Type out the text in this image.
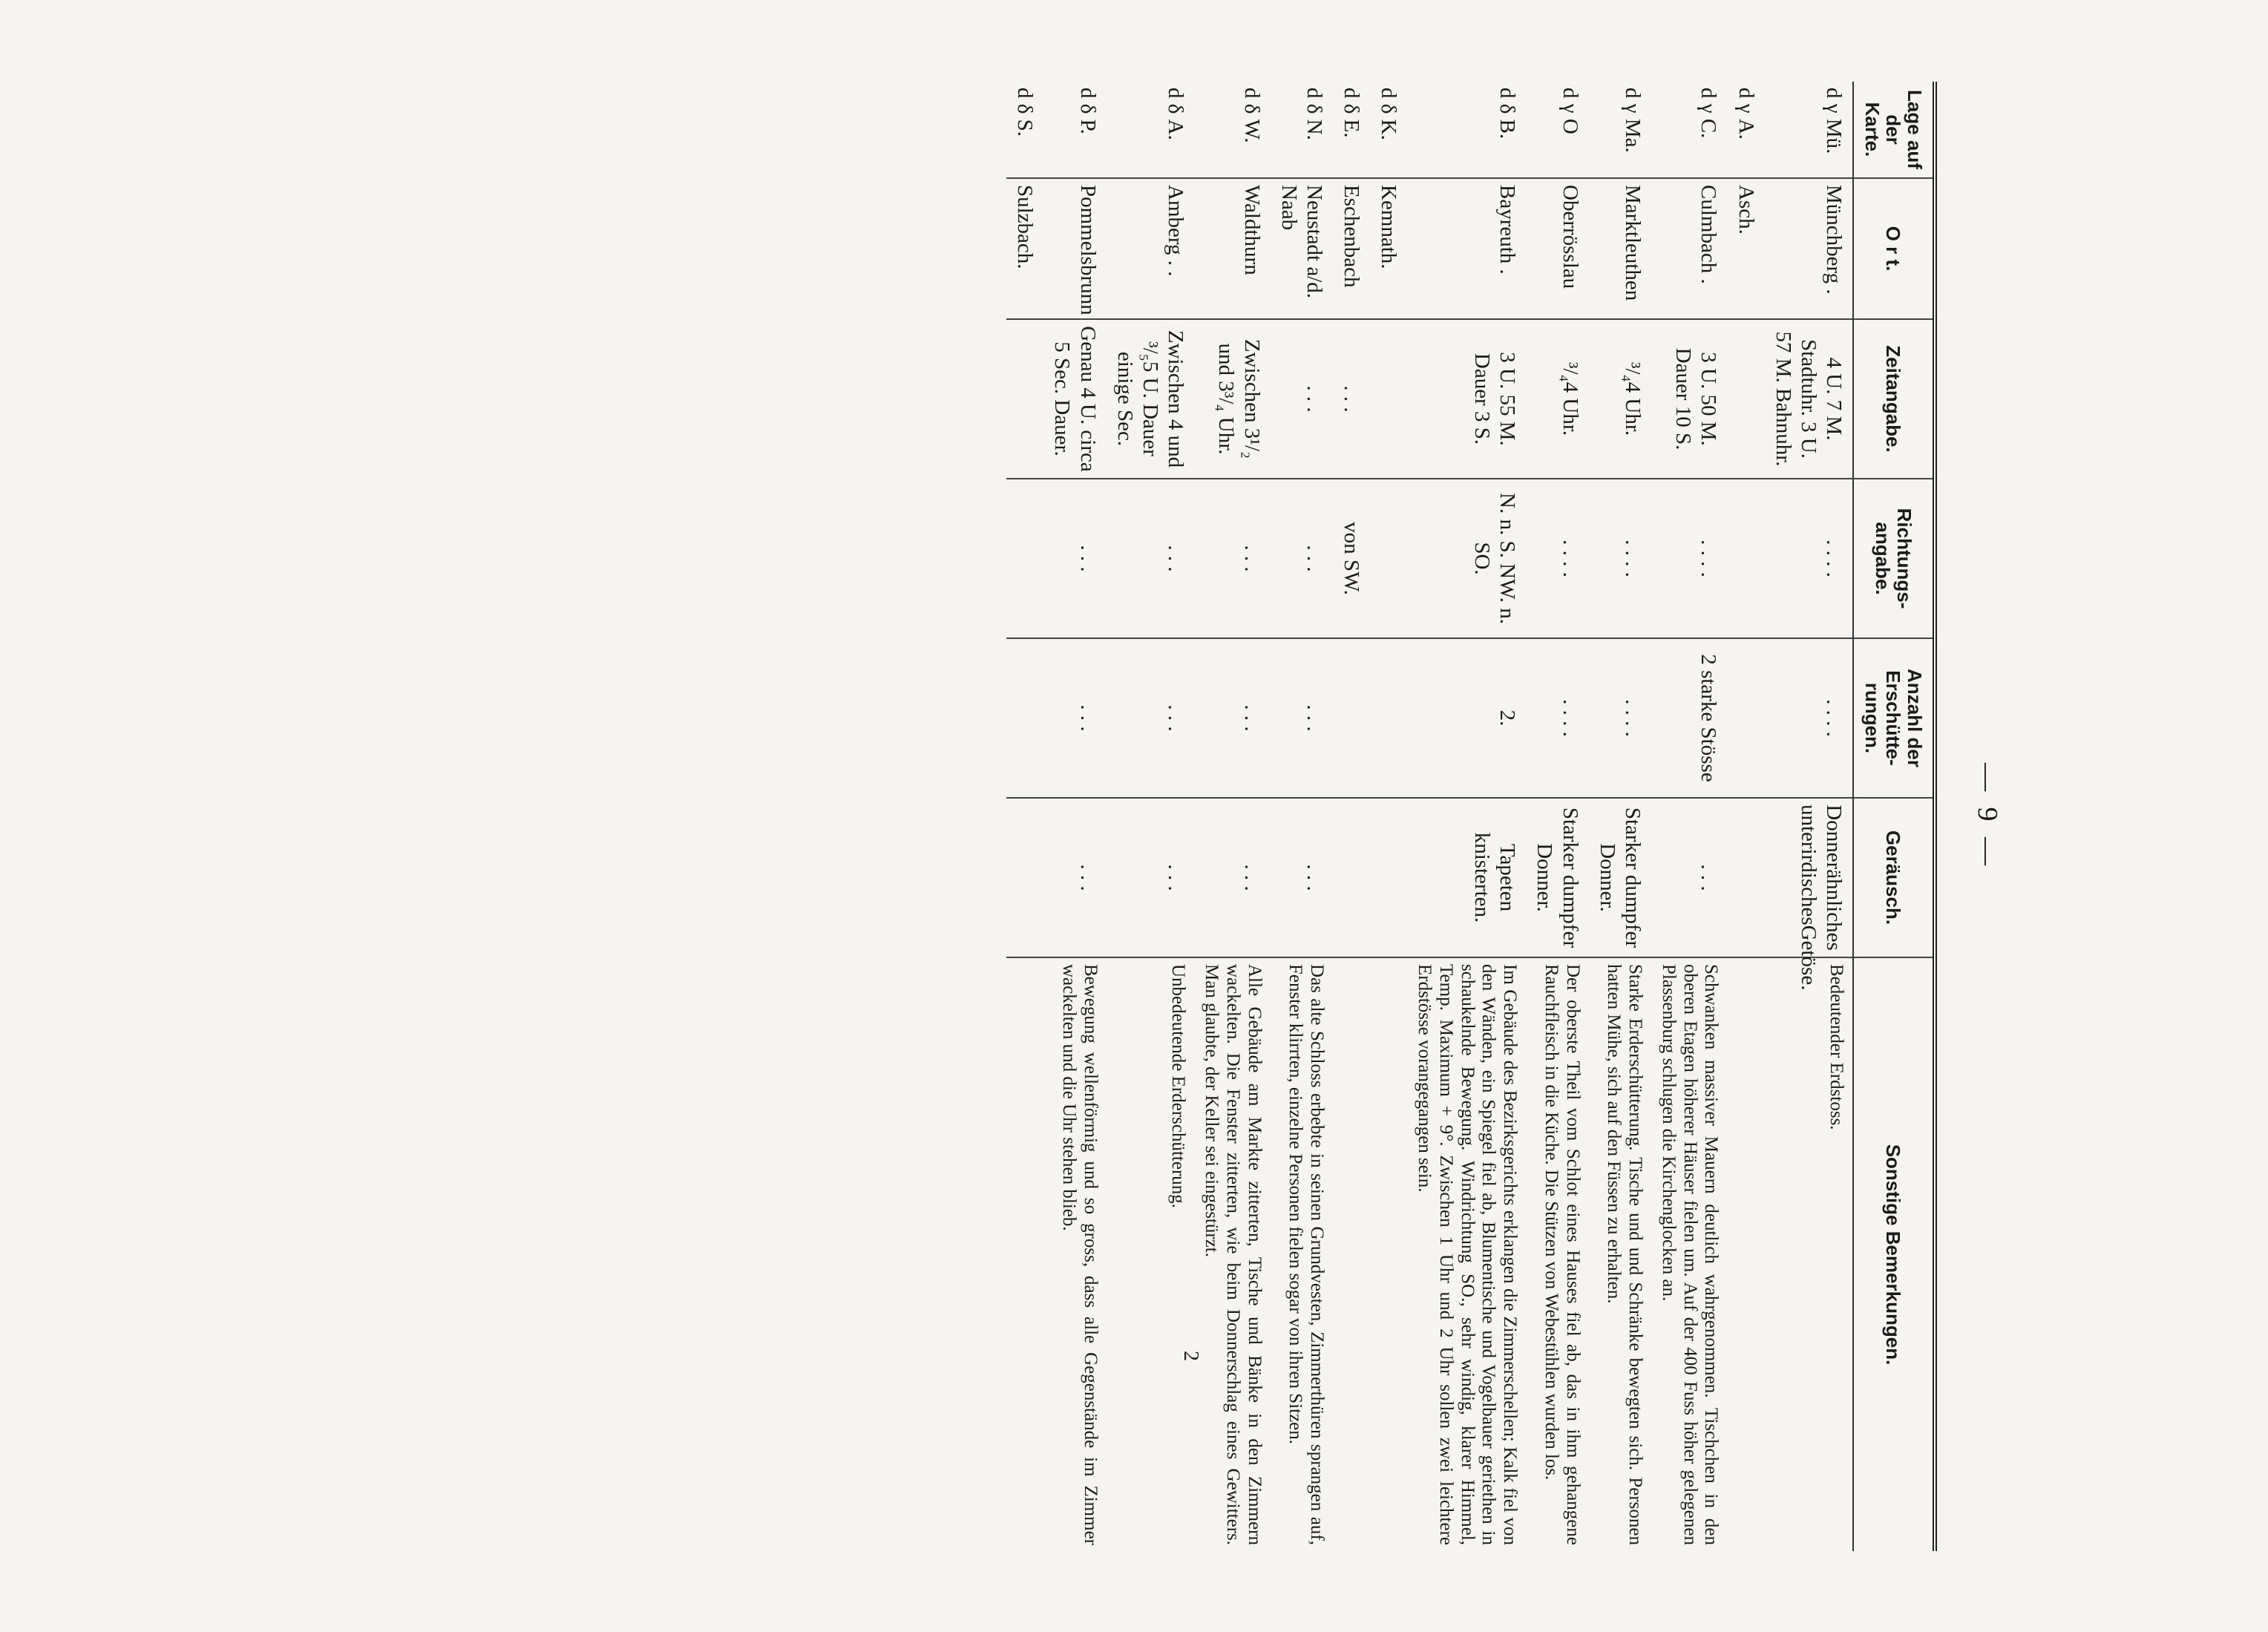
— 9 —
Lage auf der Karte.	O r t.	Zeitangabe.	Richtungs-angabe.	Anzahl der Erschütte-rungen.	Geräusch.	Sonstige Bemerkungen.
d γ Mü.	Münchberg .	4 U. 7 M. Stadtuhr. 3 U. 57 M. Bahnuhr.	. . . .	. . . .	Donnerähnliches unterirdischesGetöse.	Bedeutender Erdstoss.
d γ A.	Asch.					
d γ C.	Culmbach .	3 U. 50 M. Dauer 10 S.	. . . .	2 starke Stösse	. . .	Schwanken massiver Mauern deutlich wahrgenommen. Tischchen in den oberen Etagen höherer Häuser fielen um. Auf der 400 Fuss höher gelegenen Plassenburg schlugen die Kirchenglocken an.
d γ Ma.	Marktleuthen	³/₄4 Uhr.	. . . .	. . . .	Starker dumpfer Donner.	Starke Erderschütterung. Tische und und Schränke bewegten sich. Personen hatten Mühe, sich auf den Füssen zu erhalten.
d γ O	Oberrösslau	³/₄4 Uhr.	. . . .	. . . .	Starker dumpfer Donner.	Der oberste Theil vom Schlot eines Hauses fiel ab, das in ihm gehangene Rauchfleisch in die Küche. Die Stützen von Webestühlen wurden los.
d δ B.	Bayreuth .	3 U. 55 M. Dauer 3 S.	N. n. S. NW. n. SO.	2.	Tapeten knisterten.	Im Gebäude des Bezirksgerichts erklangen die Zimmerschellen; Kalk fiel von den Wänden, ein Spiegel fiel ab, Blumentische und Vogelbauer geriethen in schaukelnde Bewegung. Windrichtung SO., sehr windig, klarer Himmel, Temp. Maximum + 9°. Zwischen 1 Uhr und 2 Uhr sollen zwei leichtere Erdstösse vorangegangen sein.
d δ K.	Kemnath.					
d δ E.	Eschenbach	. . .	von SW.			
d δ N.	Neustadt a/d. Naab	. . .	. . .	. . .	. . .	Das alte Schloss erbebte in seinen Grundvesten, Zimmerthüren sprangen auf, Fenster klirrten, einzelne Personen fielen sogar von ihren Sitzen.
d δ W.	Waldthurn	Zwischen 3¹/₂ und 3³/₄ Uhr.	. . .	. . .	. . .	Alle Gebäude am Markte zitterten, Tische und Bänke in den Zimmern wackelten. Die Fenster zitterten, wie beim Donnerschlag eines Gewitters. Man glaubte, der Keller sei eingestürzt.
d δ A.	Amberg . .	Zwischen 4 und ³/₅5 U. Dauer einige Sec.	. . .	. . .	. . .	Unbedeutende Erderschütterung.
d δ P.	Pommelsbrunn	Genau 4 U. circa 5 Sec. Dauer.	. . .	. . .	. . .	Bewegung wellenförmig und so gross, dass alle Gegenstände im Zimmer wackelten und die Uhr stehen blieb.
d δ S.	Sulzbach.					
2
